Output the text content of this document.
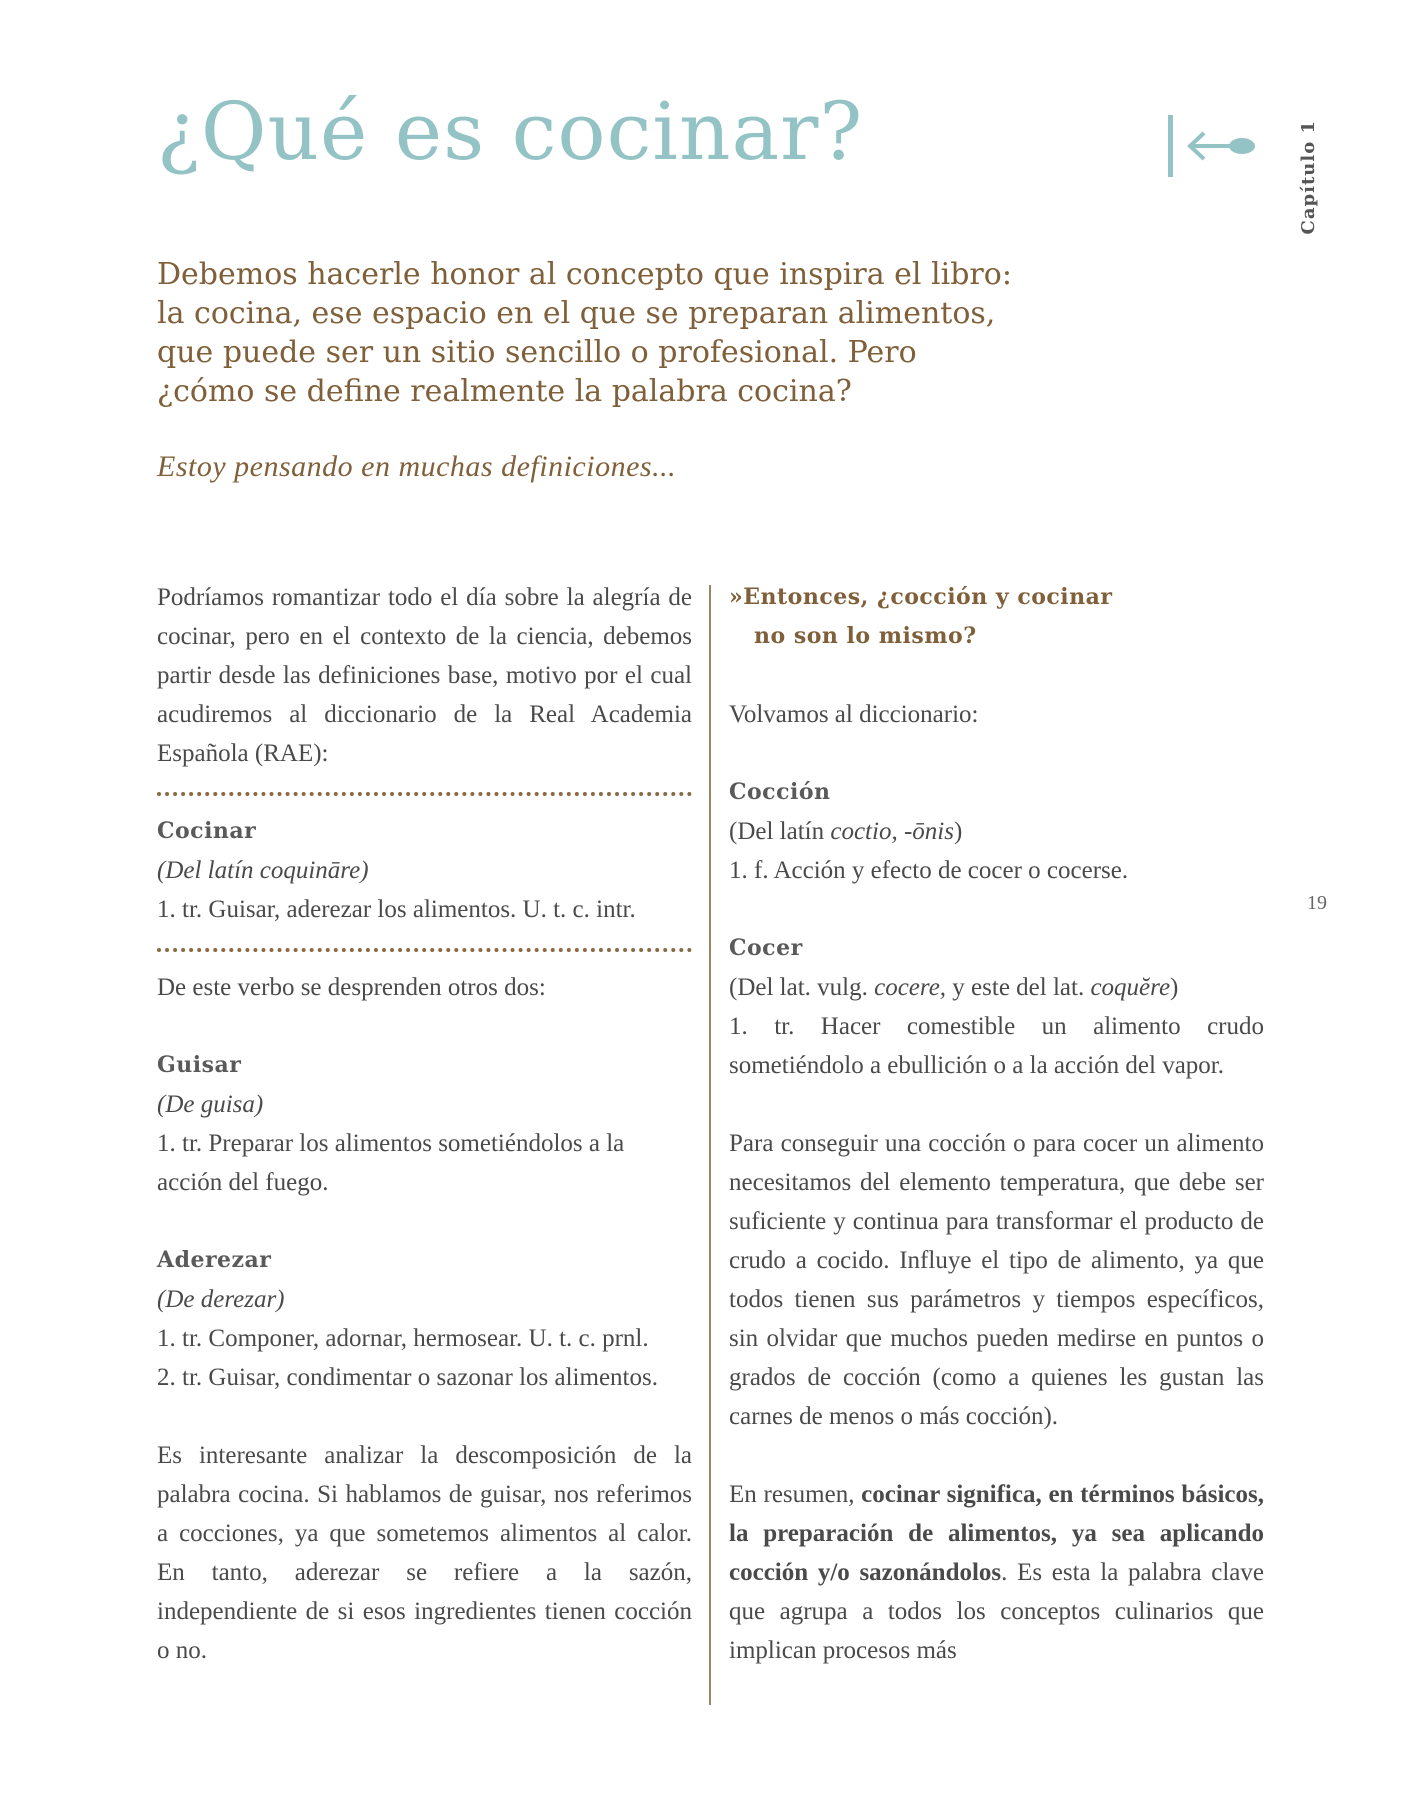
¿Qué es cocinar?	Capítulo 1
Debemos hacerle honor al concepto que inspira el libro:
la cocina, ese espacio en el que se preparan alimentos,
que puede ser un sitio sencillo o profesional. Pero
¿cómo se define realmente la palabra cocina?

Estoy pensando en muchas definiciones...

Podríamos romantizar todo el día sobre la alegría de cocinar, pero en el contexto de la ciencia, debemos partir desde las definiciones base, motivo por el cual acudiremos al diccionario de la Real Academia Española (RAE):

Cocinar

(Del latín coquināre)

1. tr. Guisar, aderezar los alimentos. U. t. c. intr.

De este verbo se desprenden otros dos:

Guisar

(De guisa)

1. tr. Preparar los alimentos sometiéndolos a la acción del fuego.

Aderezar

(De derezar)

1. tr. Componer, adornar, hermosear. U. t. c. prnl.

2. tr. Guisar, condimentar o sazonar los alimentos.

Es interesante analizar la descomposición de la palabra cocina. Si hablamos de guisar, nos referimos a cocciones, ya que sometemos alimentos al calor. En tanto, aderezar se refiere a la sazón, independiente de si esos ingredientes tienen cocción o no.

»Entonces, ¿cocción y cocinar
no son lo mismo?

Volvamos al diccionario:

Cocción

(Del latín coctio, -ōnis)

1. f. Acción y efecto de cocer o cocerse.

Cocer

(Del lat. vulg. cocere, y este del lat. coquĕre)

1. tr. Hacer comestible un alimento crudo sometiéndolo a ebullición o a la acción del vapor.

Para conseguir una cocción o para cocer un alimento necesitamos del elemento temperatura, que debe ser suficiente y continua para transformar el producto de crudo a cocido. Influye el tipo de alimento, ya que todos tienen sus parámetros y tiempos específicos, sin olvidar que muchos pueden medirse en puntos o grados de cocción (como a quienes les gustan las carnes de menos o más cocción).

En resumen, cocinar significa, en términos básicos, la preparación de alimentos, ya sea aplicando cocción y/o sazonándolos. Es esta la palabra clave que agrupa a todos los conceptos culinarios que implican procesos más

19
